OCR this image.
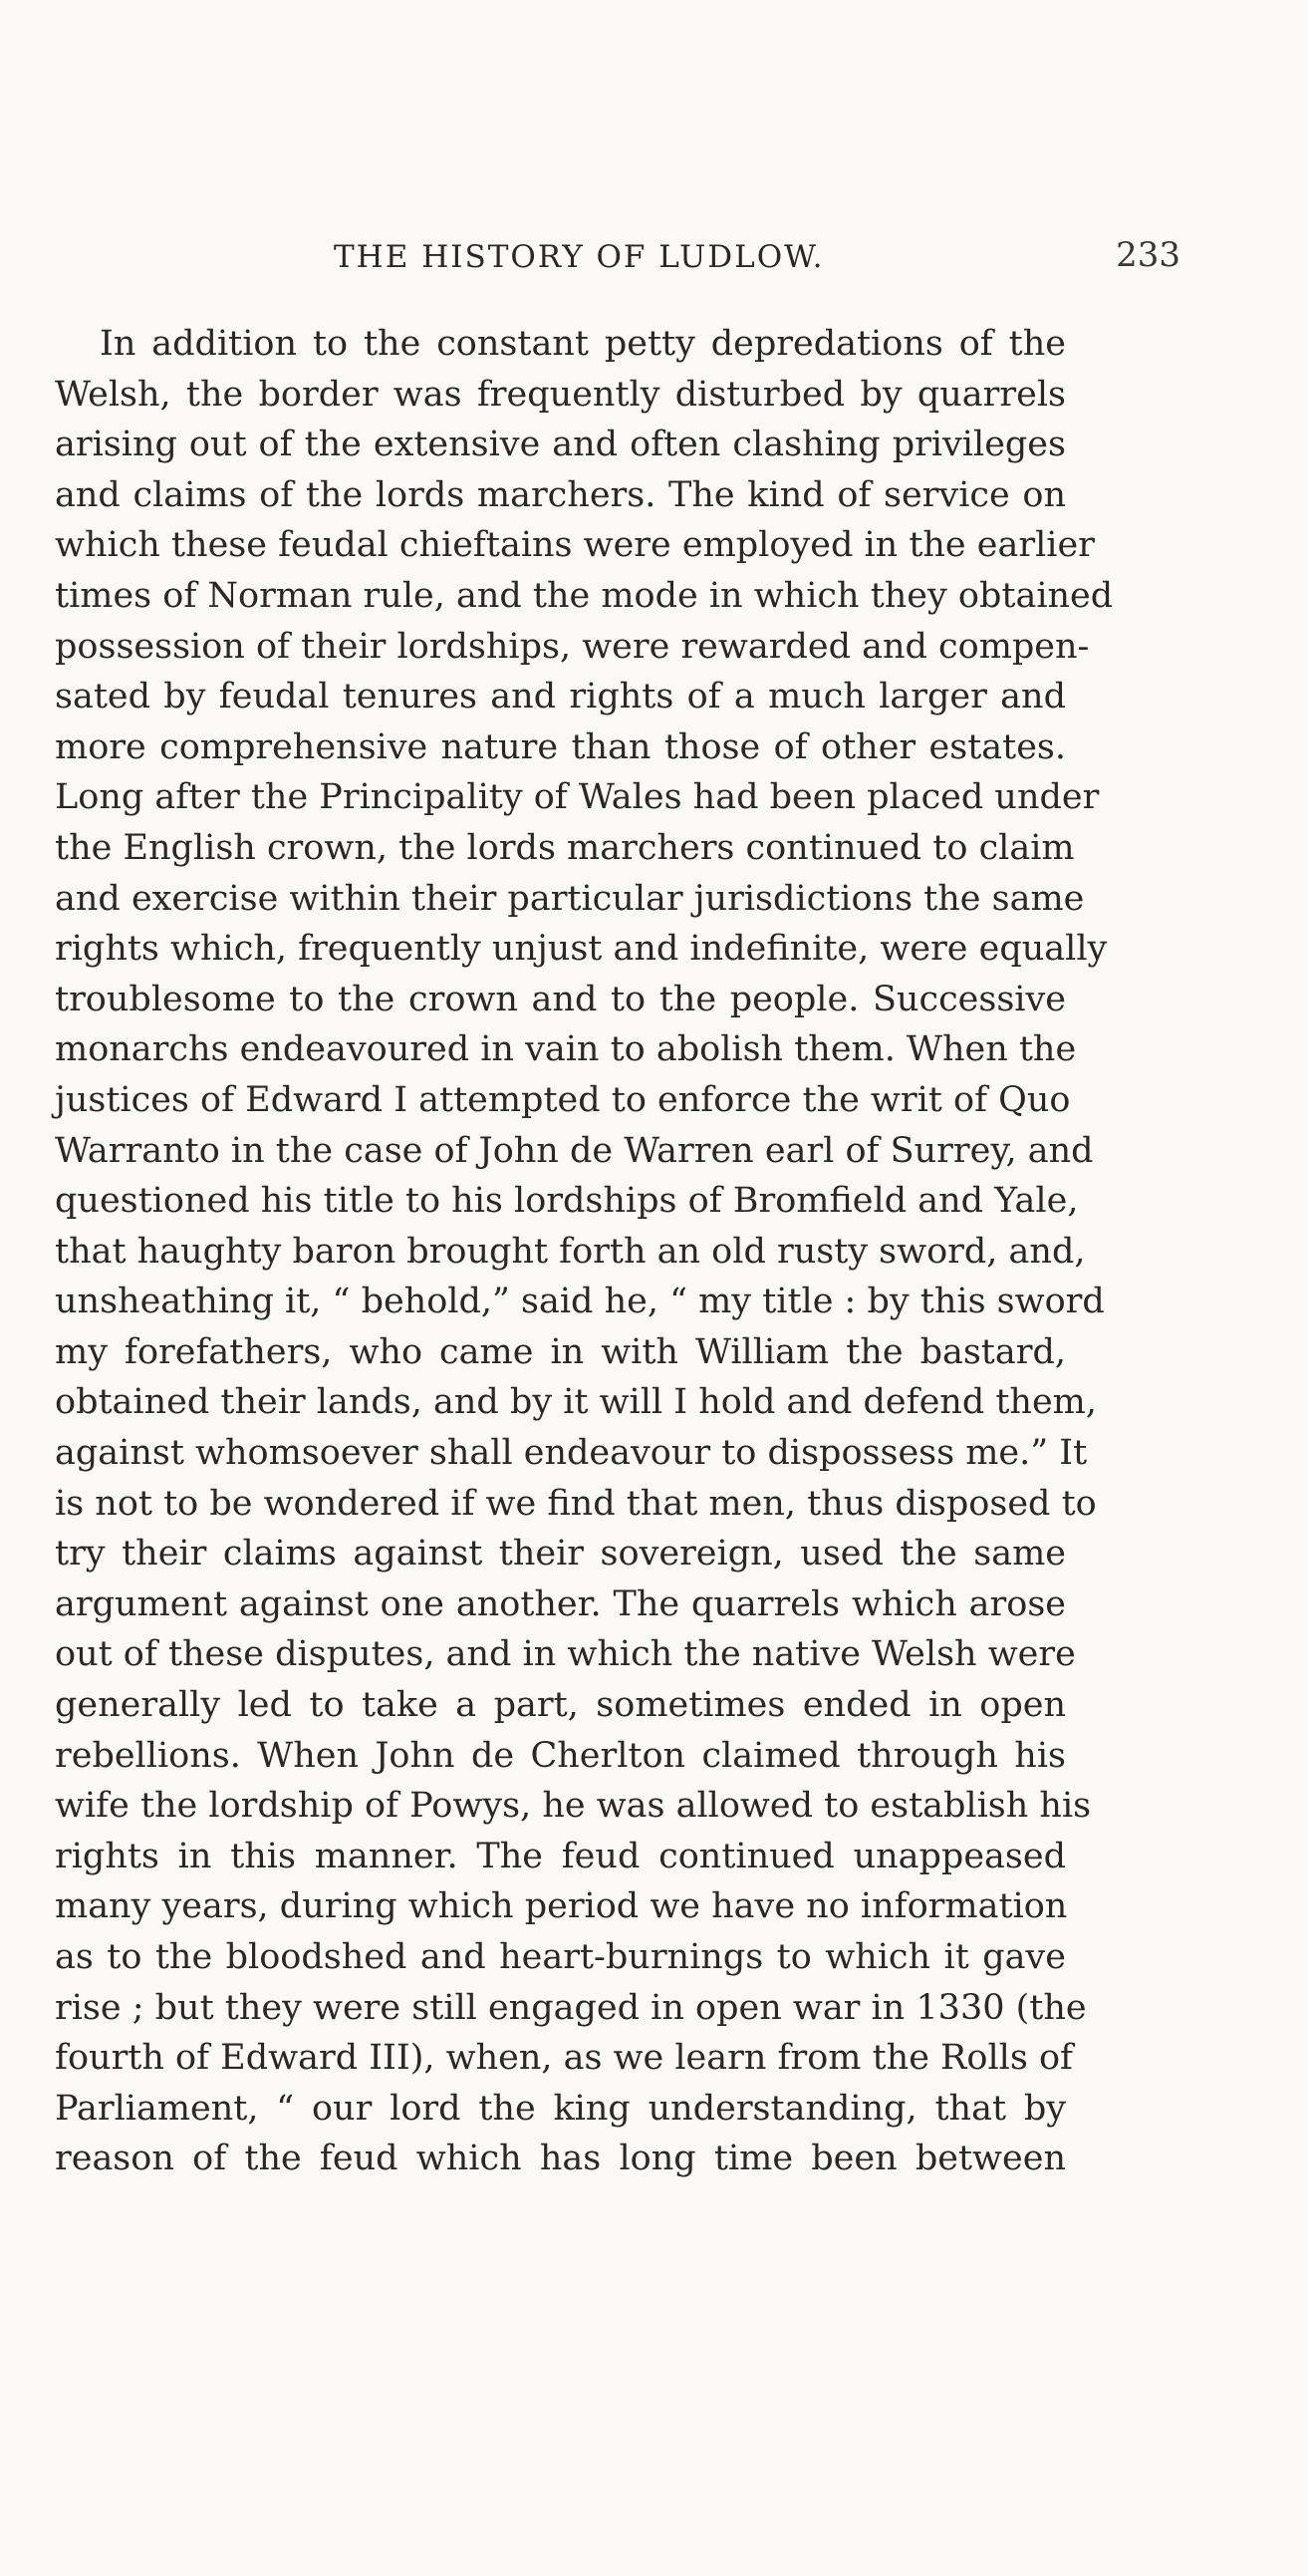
THE HISTORY OF LUDLOW.	233
In addition to the constant petty depredations of the
Welsh, the border was frequently disturbed by quarrels
arising out of the extensive and often clashing privileges
and claims of the lords marchers. The kind of service on
which these feudal chieftains were employed in the earlier
times of Norman rule, and the mode in which they obtained
possession of their lordships, were rewarded and compen-
sated by feudal tenures and rights of a much larger and
more comprehensive nature than those of other estates.
Long after the Principality of Wales had been placed under
the English crown, the lords marchers continued to claim
and exercise within their particular jurisdictions the same
rights which, frequently unjust and indefinite, were equally
troublesome to the crown and to the people. Successive
monarchs endeavoured in vain to abolish them. When the
justices of Edward I attempted to enforce the writ of Quo
Warranto in the case of John de Warren earl of Surrey, and
questioned his title to his lordships of Bromfield and Yale,
that haughty baron brought forth an old rusty sword, and,
unsheathing it, “ behold,” said he, “ my title : by this sword
my forefathers, who came in with William the bastard,
obtained their lands, and by it will I hold and defend them,
against whomsoever shall endeavour to dispossess me.” It
is not to be wondered if we find that men, thus disposed to
try their claims against their sovereign, used the same
argument against one another. The quarrels which arose
out of these disputes, and in which the native Welsh were
generally led to take a part, sometimes ended in open
rebellions. When John de Cherlton claimed through his
wife the lordship of Powys, he was allowed to establish his
rights in this manner. The feud continued unappeased
many years, during which period we have no information
as to the bloodshed and heart-burnings to which it gave
rise ; but they were still engaged in open war in 1330 (the
fourth of Edward III), when, as we learn from the Rolls of
Parliament, “ our lord the king understanding, that by
reason of the feud which has long time been between
